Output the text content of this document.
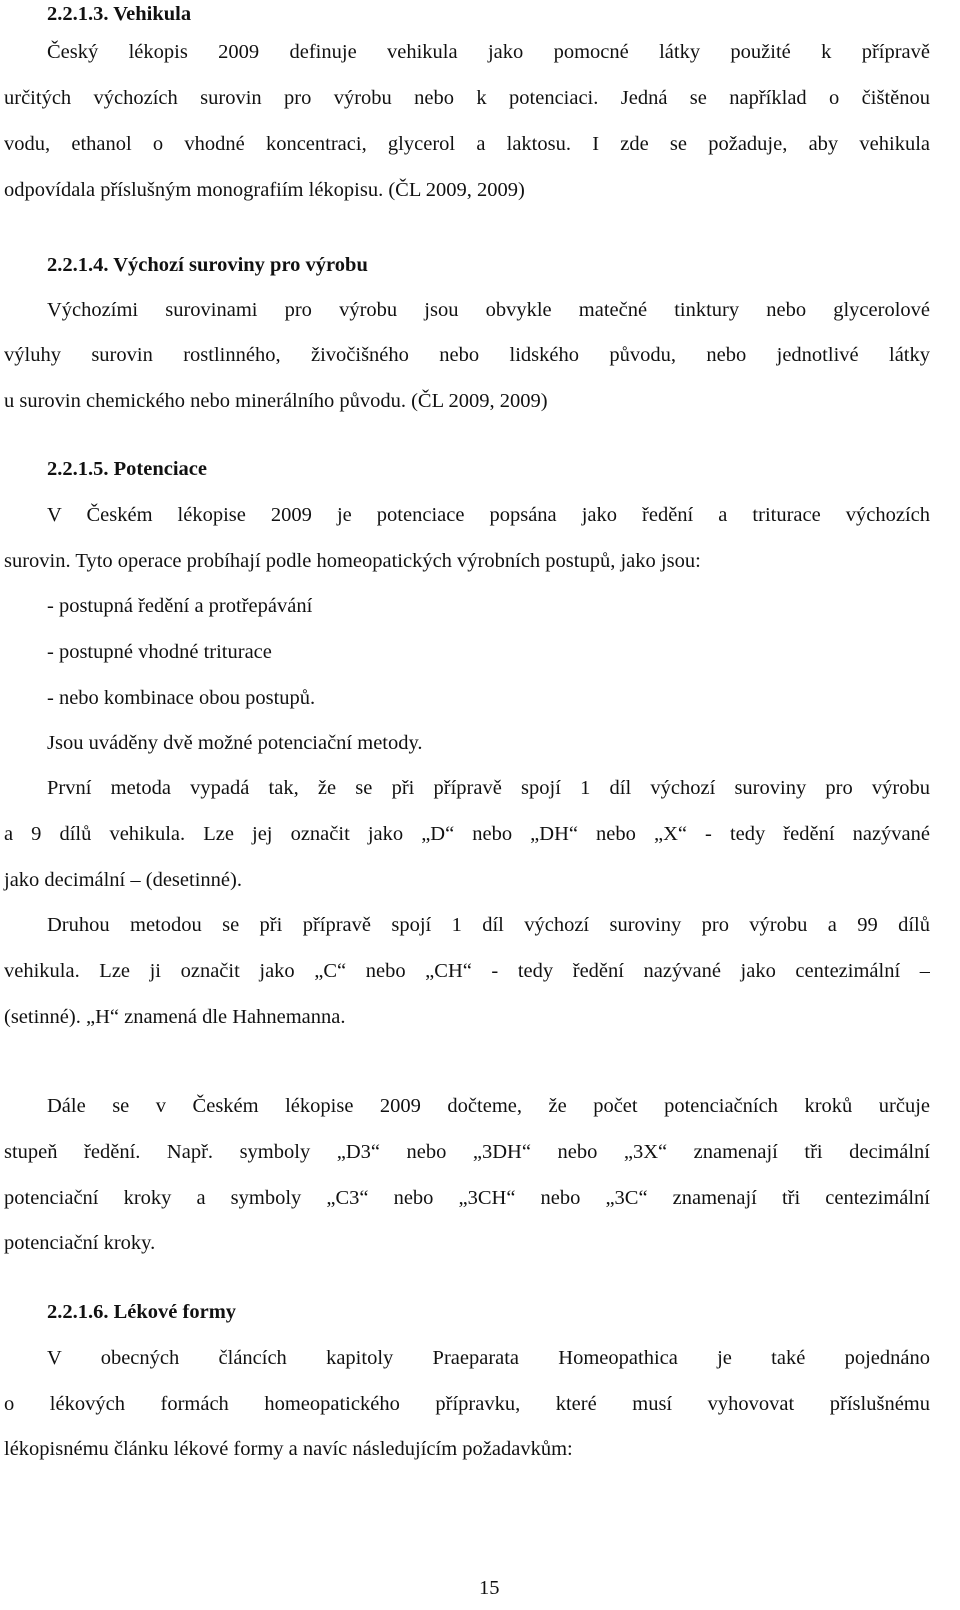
2.2.1.3. Vehikula
Český lékopis 2009 definuje vehikula jako pomocné látky použité k přípravě
určitých výchozích surovin pro výrobu nebo k potenciaci. Jedná se například o čištěnou
vodu, ethanol o vhodné koncentraci, glycerol a laktosu. I zde se požaduje, aby vehikula
odpovídala příslušným monografiím lékopisu. (ČL 2009, 2009)
2.2.1.4. Výchozí suroviny pro výrobu
Výchozími surovinami pro výrobu jsou obvykle matečné tinktury nebo glycerolové
výluhy surovin rostlinného, živočišného nebo lidského původu, nebo jednotlivé látky
u surovin chemického nebo minerálního původu. (ČL 2009, 2009)
2.2.1.5. Potenciace
V Českém lékopise 2009 je potenciace popsána jako ředění a triturace výchozích
surovin. Tyto operace probíhají podle homeopatických výrobních postupů, jako jsou:
- postupná ředění a protřepávání
- postupné vhodné triturace
- nebo kombinace obou postupů.
Jsou uváděny dvě možné potenciační metody.
První metoda vypadá tak, že se při přípravě spojí 1 díl výchozí suroviny pro výrobu
a 9 dílů vehikula. Lze jej označit jako „D“ nebo „DH“ nebo „X“ - tedy ředění nazývané
jako decimální – (desetinné).
Druhou metodou se při přípravě spojí 1 díl výchozí suroviny pro výrobu a 99 dílů
vehikula. Lze ji označit jako „C“ nebo „CH“ - tedy ředění nazývané jako centezimální –
(setinné). „H“ znamená dle Hahnemanna.
Dále se v Českém lékopise 2009 dočteme, že počet potenciačních kroků určuje
stupeň ředění. Např. symboly „D3“ nebo „3DH“ nebo „3X“ znamenají tři decimální
potenciační kroky a symboly „C3“ nebo „3CH“ nebo „3C“ znamenají tři centezimální
potenciační kroky.
2.2.1.6. Lékové formy
V obecných článcích kapitoly Praeparata Homeopathica je také pojednáno
o lékových formách homeopatického přípravku, které musí vyhovovat příslušnému
lékopisnému článku lékové formy a navíc následujícím požadavkům:
15
